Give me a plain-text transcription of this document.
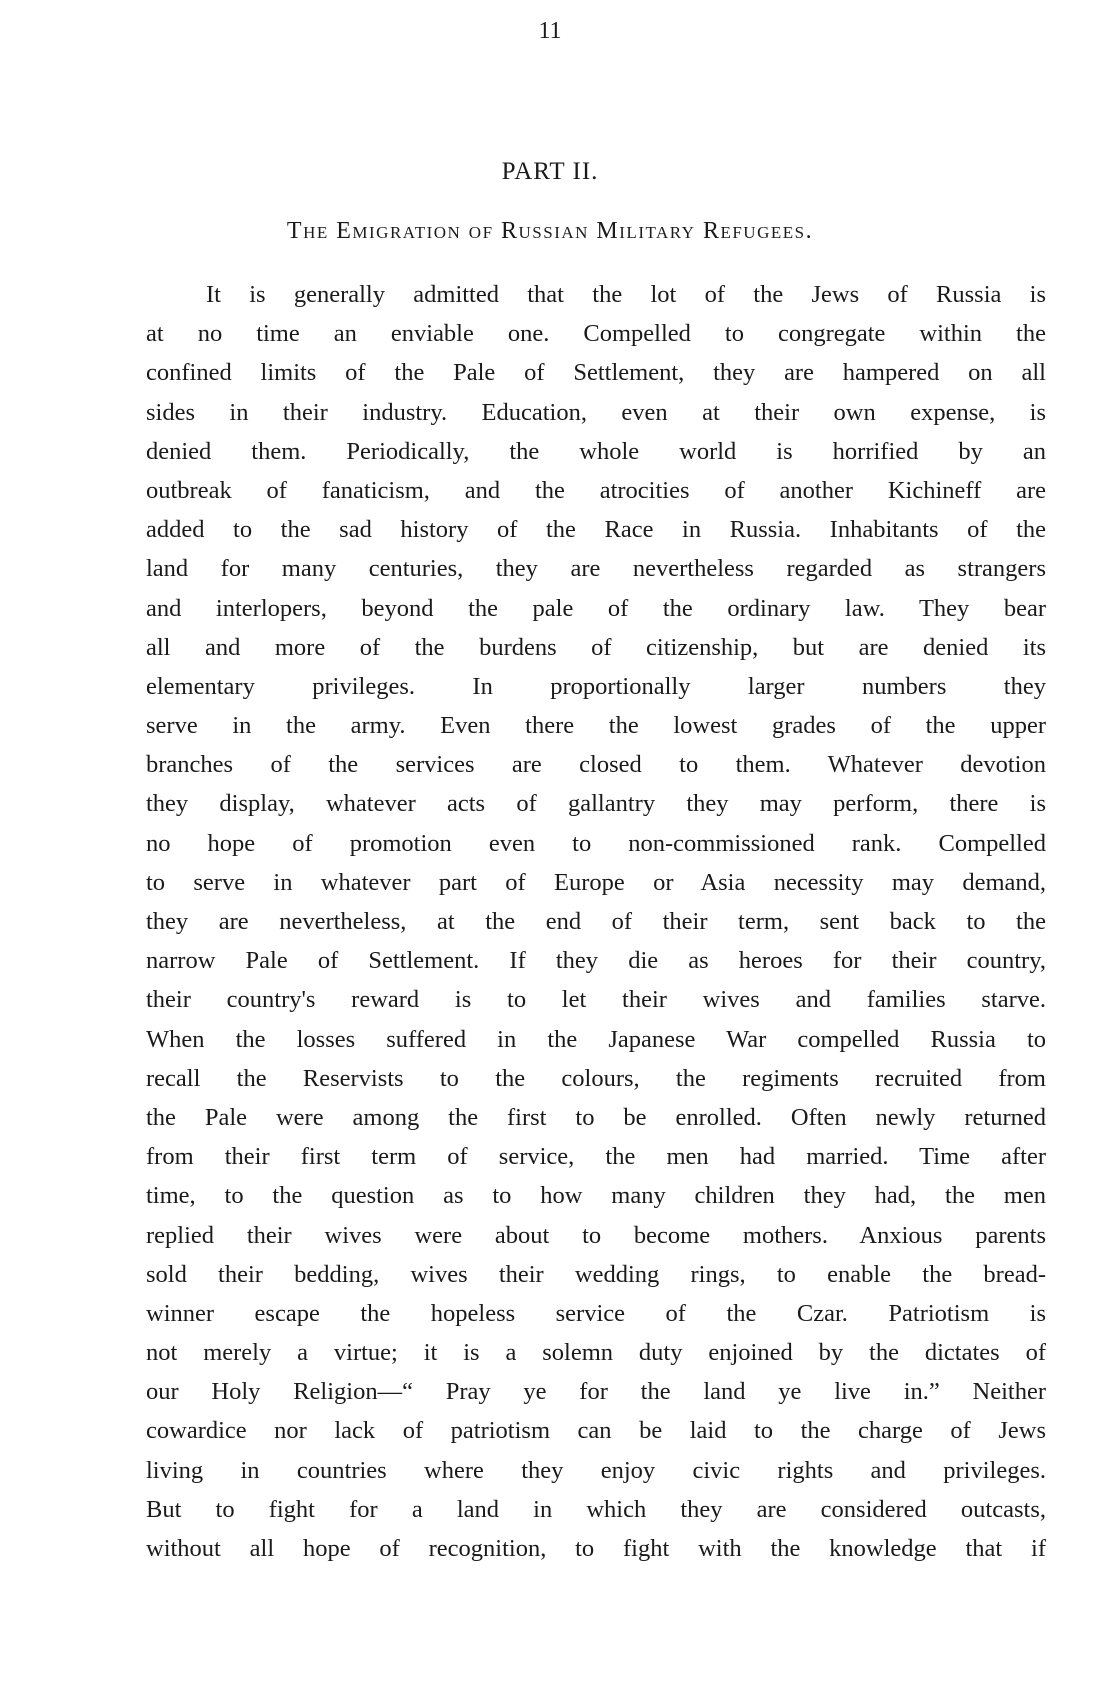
11
PART II.
The Emigration of Russian Military Refugees.
It is generally admitted that the lot of the Jews of Russia is
at no time an enviable one. Compelled to congregate within the
confined limits of the Pale of Settlement, they are hampered on all
sides in their industry. Education, even at their own expense, is
denied them. Periodically, the whole world is horrified by an
outbreak of fanaticism, and the atrocities of another Kichineff are
added to the sad history of the Race in Russia. Inhabitants of the
land for many centuries, they are nevertheless regarded as strangers
and interlopers, beyond the pale of the ordinary law. They bear
all and more of the burdens of citizenship, but are denied its
elementary privileges. In proportionally larger numbers they
serve in the army. Even there the lowest grades of the upper
branches of the services are closed to them. Whatever devotion
they display, whatever acts of gallantry they may perform, there is
no hope of promotion even to non-commissioned rank. Compelled
to serve in whatever part of Europe or Asia necessity may demand,
they are nevertheless, at the end of their term, sent back to the
narrow Pale of Settlement. If they die as heroes for their country,
their country's reward is to let their wives and families starve.
When the losses suffered in the Japanese War compelled Russia to
recall the Reservists to the colours, the regiments recruited from
the Pale were among the first to be enrolled. Often newly returned
from their first term of service, the men had married. Time after
time, to the question as to how many children they had, the men
replied their wives were about to become mothers. Anxious parents
sold their bedding, wives their wedding rings, to enable the bread-
winner escape the hopeless service of the Czar. Patriotism is
not merely a virtue; it is a solemn duty enjoined by the dictates of
our Holy Religion—“ Pray ye for the land ye live in.” Neither
cowardice nor lack of patriotism can be laid to the charge of Jews
living in countries where they enjoy civic rights and privileges.
But to fight for a land in which they are considered outcasts,
without all hope of recognition, to fight with the knowledge that if
